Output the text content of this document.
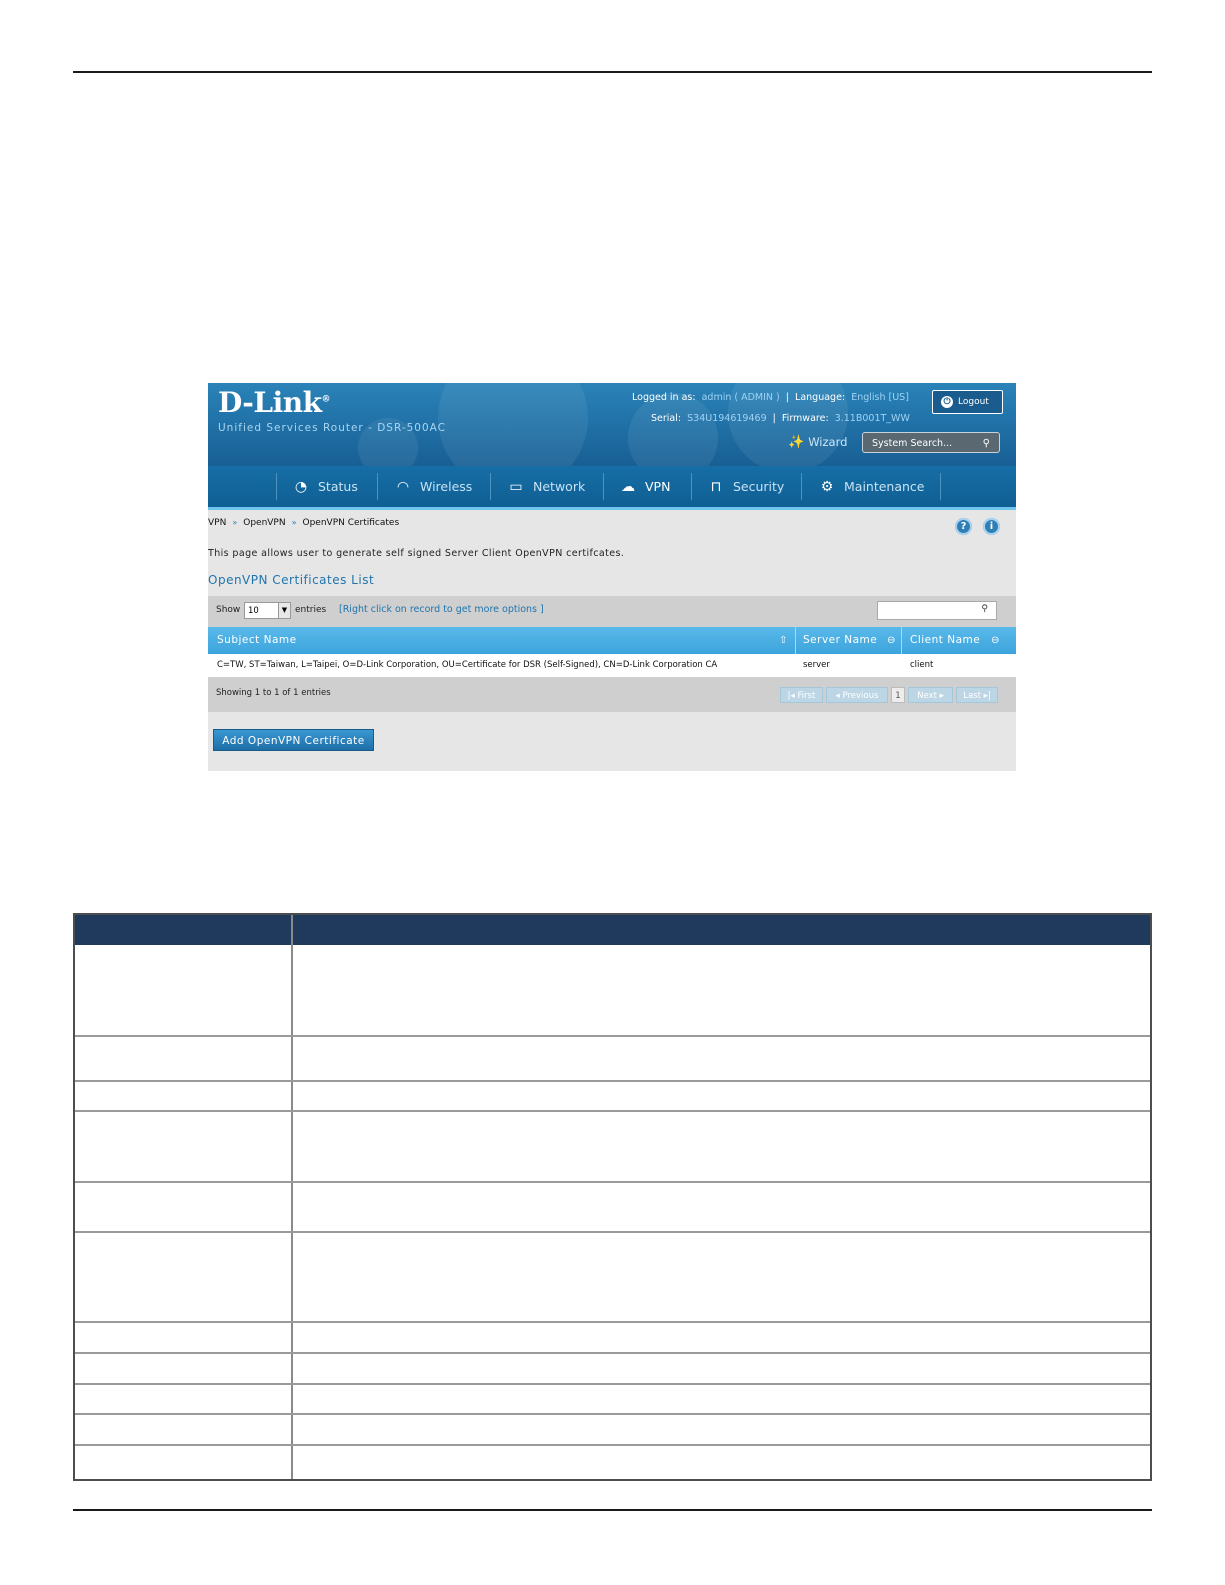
D-Link®
Unified Services Router - DSR-500AC
Logged in as: admin ( ADMIN )  |  Language: English [US]
Serial: S34U194619469  |  Firmware: 3.11B001T_WW
⏻ Logout
✨ Wizard	System Search...	⚲
◔ Status	◠ Wireless	▭ Network	☁ VPN	⊓ Security	⚙ Maintenance
VPN » OpenVPN » OpenVPN Certificates	?	i
This page allows user to generate self signed Server Client OpenVPN certifcates.
OpenVPN Certificates List
Show 10	▼ entries [Right click on record to get more options ]	⚲
Subject Name	⇧ Server Name ⊖ Client Name ⊖
C=TW, ST=Taiwan, L=Taipei, O=D-Link Corporation, OU=Certificate for DSR (Self-Signed), CN=D-Link Corporation CA	server	client
Showing 1 to 1 of 1 entries	|◂ First	◂ Previous	1	Next ▸	Last ▸|
Add OpenVPN Certificate
